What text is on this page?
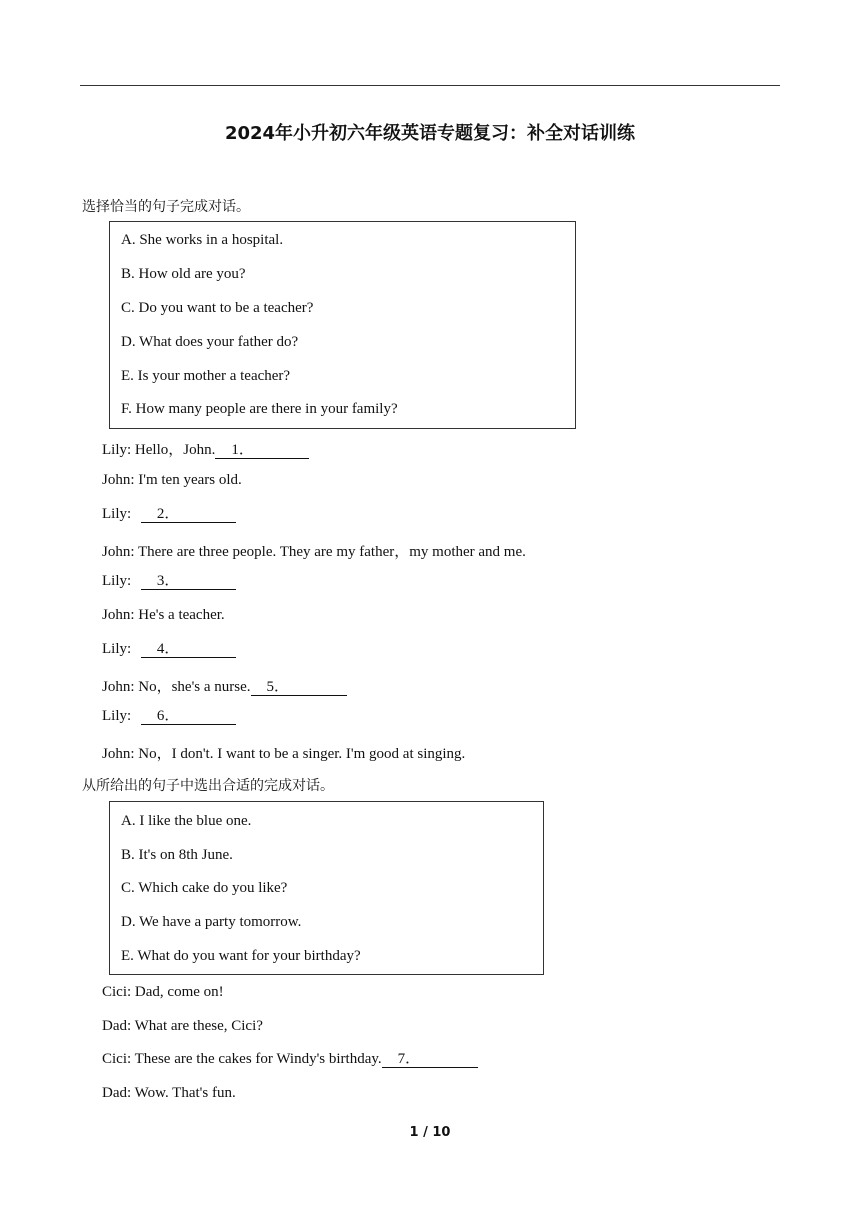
2024年小升初六年级英语专题复习：补全对话训练
选择恰当的句子完成对话。
A. She works in a hospital.
B. How old are you?
C. Do you want to be a teacher?
D. What does your father do?
E. Is your mother a teacher?
F. How many people are there in your family?
Lily: Hello，John. 1．
John: I'm ten years old.
Lily: 2．
John: There are three people. They are my father，my mother and me.
Lily: 3．
John: He's a teacher.
Lily: 4．
John: No，she's a nurse. 5．
Lily: 6．
John: No，I don't. I want to be a singer. I'm good at singing.
从所给出的句子中选出合适的完成对话。
A. I like the blue one.
B. It's on 8th June.
C. Which cake do you like?
D. We have a party tomorrow.
E. What do you want for your birthday?
Cici: Dad, come on!
Dad: What are these, Cici?
Cici: These are the cakes for Windy's birthday. 7．
Dad: Wow. That's fun.
1 / 10
